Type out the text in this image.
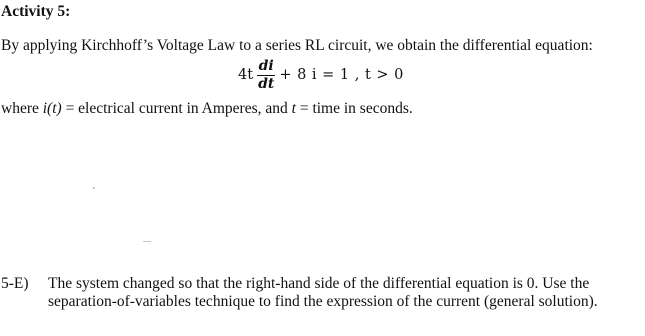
Activity 5:
By applying Kirchhoff’s Voltage Law to a series RL circuit, we obtain the differential equation:
$4t \frac{di}{dt} + 8$ i = 1 , t > 0
where i(t) = electrical current in Amperes, and t = time in seconds.
5-E) The system changed so that the right-hand side of the differential equation is 0. Use the
separation-of-variables technique to find the expression of the current (general solution).
